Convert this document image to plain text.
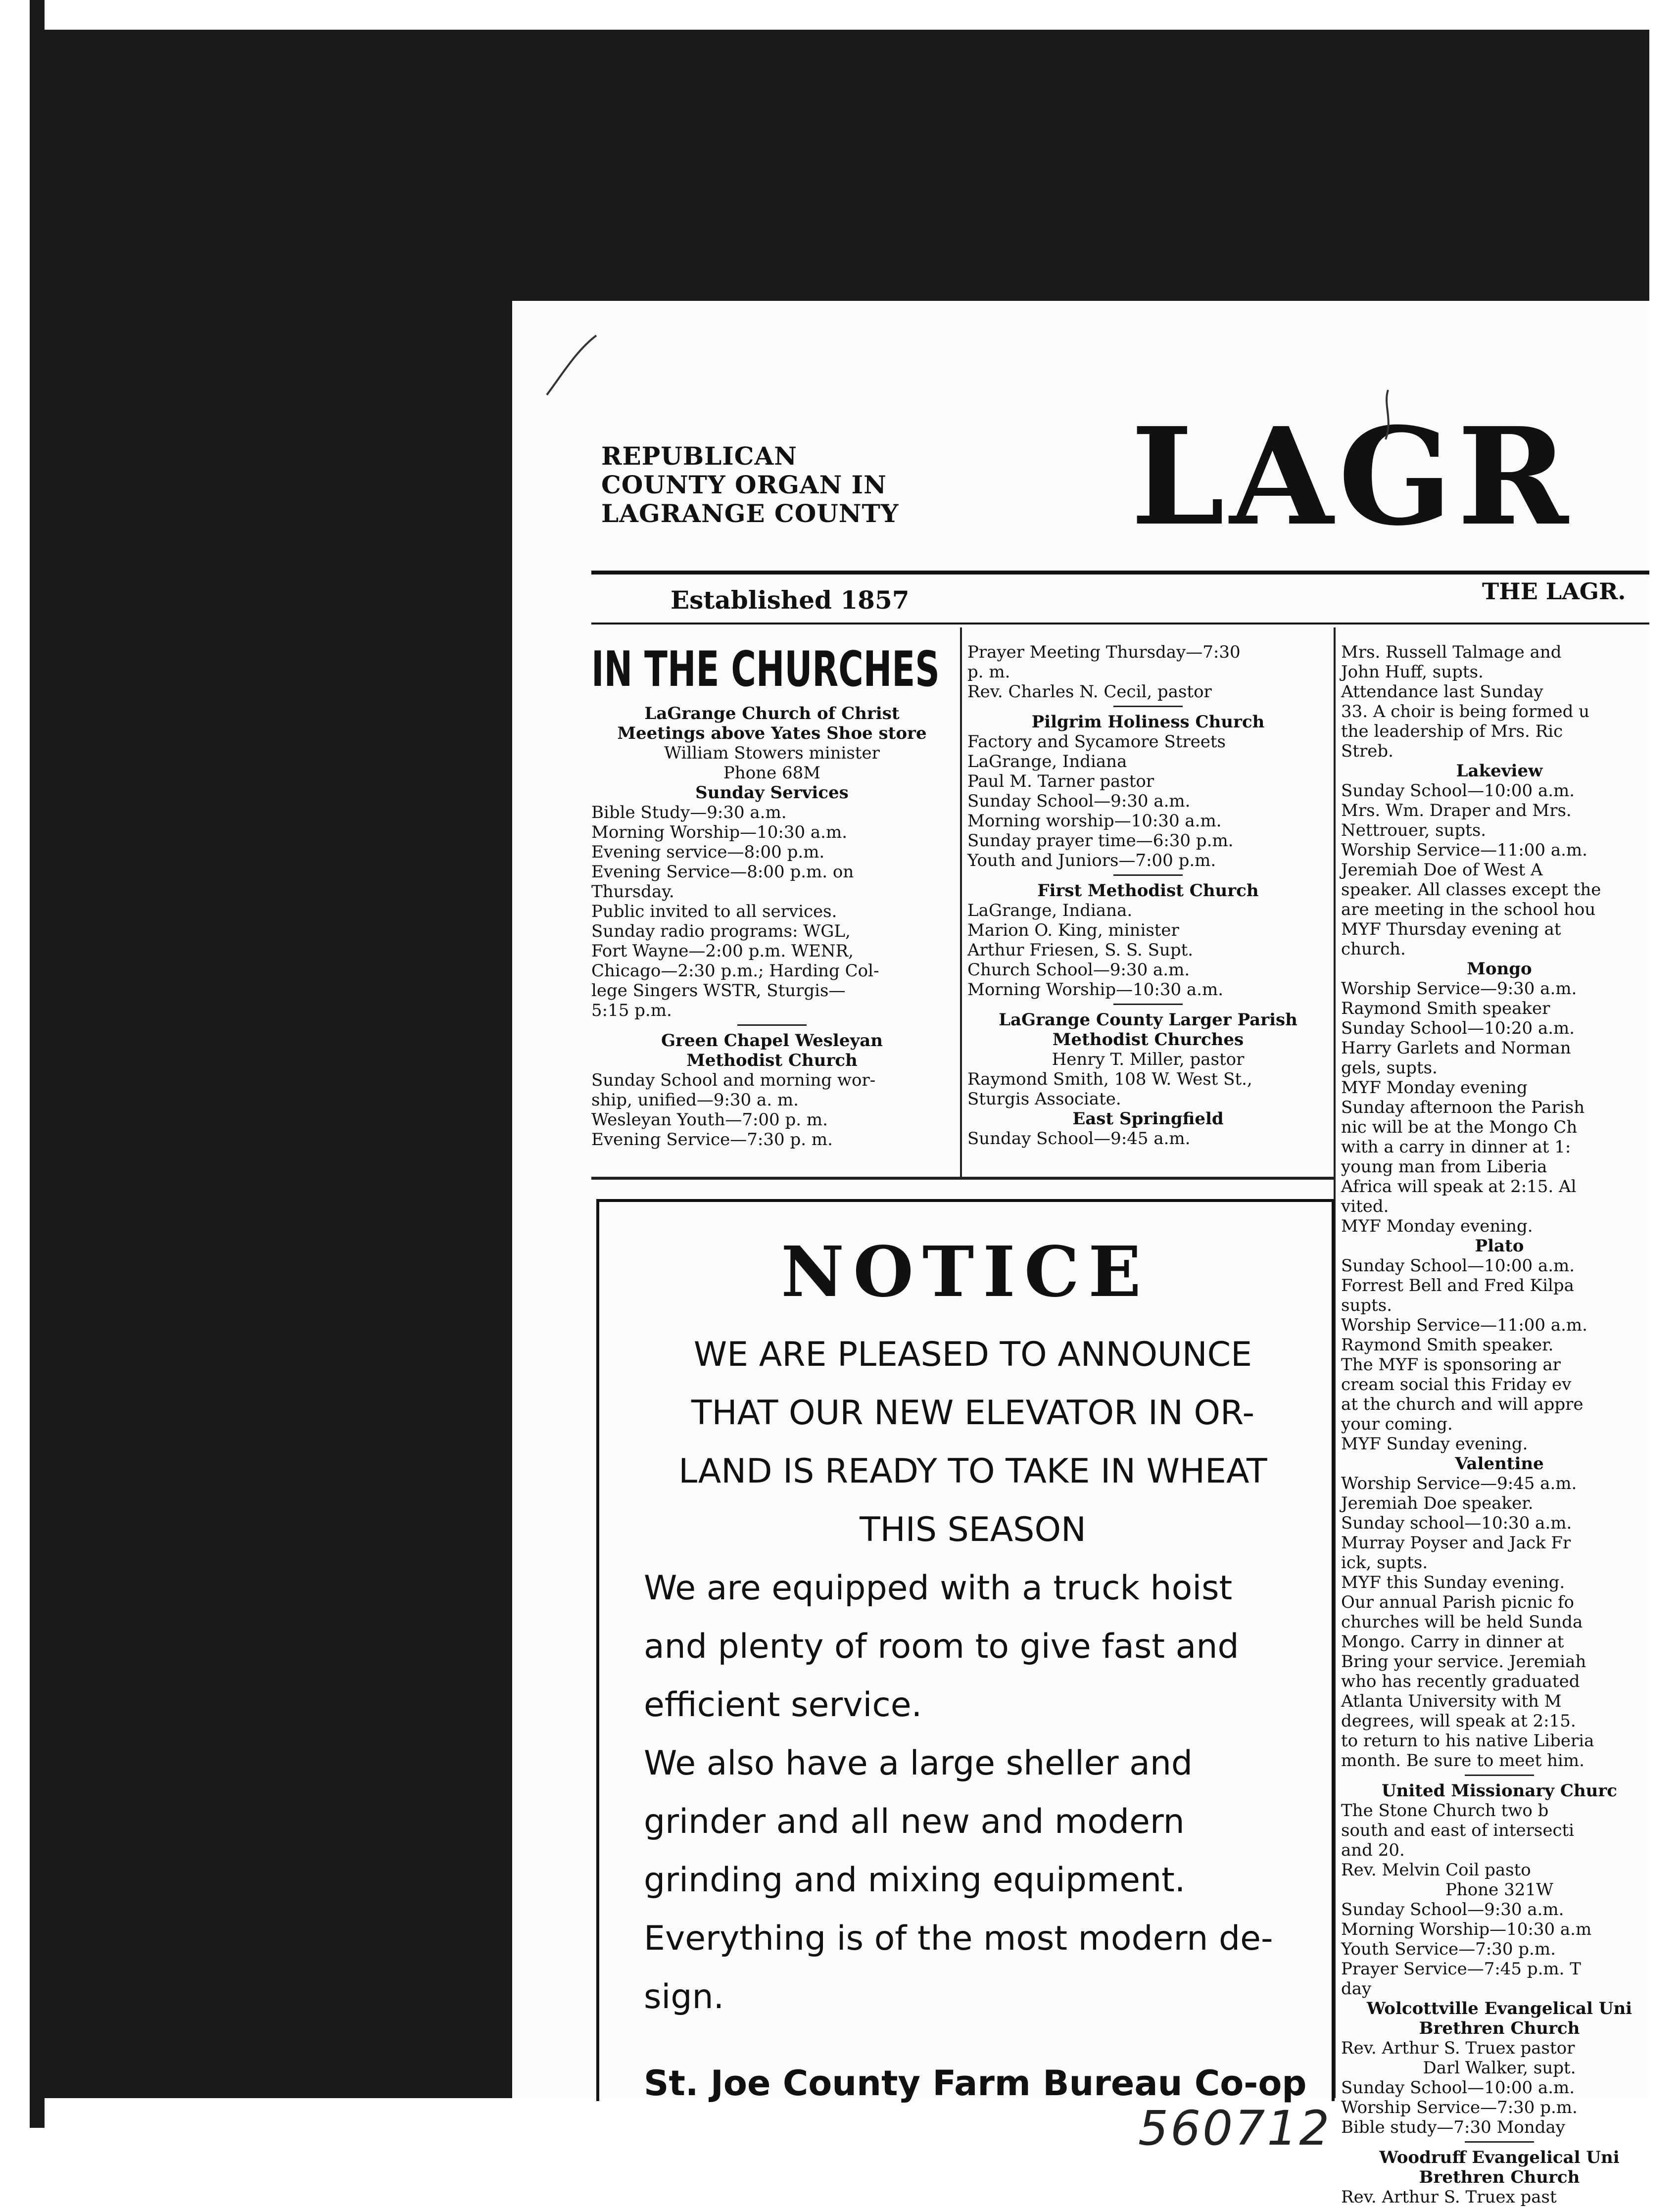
REPUBLICAN
COUNTY ORGAN IN
LAGRANGE COUNTY LAGR
Established 1857	THE LAGR.
IN THE CHURCHES
LaGrange Church of Christ
Meetings above Yates Shoe store
William Stowers minister
Phone 68M
Sunday Services
Bible Study—9:30 a.m.
Morning Worship—10:30 a.m.
Evening service—8:00 p.m.
Evening Service—8:00 p.m. on
Thursday.
Public invited to all services.
Sunday radio programs: WGL,
Fort Wayne—2:00 p.m. WENR,
Chicago—2:30 p.m.; Harding Col-
lege Singers WSTR, Sturgis—
5:15 p.m.
Green Chapel Wesleyan
Methodist Church
Sunday School and morning wor-
ship, unified—9:30 a. m.
Wesleyan Youth—7:00 p. m.
Evening Service—7:30 p. m.
Prayer Meeting Thursday—7:30
p. m.
Rev. Charles N. Cecil, pastor
Pilgrim Holiness Church
Factory and Sycamore Streets
LaGrange, Indiana
Paul M. Tarner pastor
Sunday School—9:30 a.m.
Morning worship—10:30 a.m.
Sunday prayer time—6:30 p.m.
Youth and Juniors—7:00 p.m.
First Methodist Church
LaGrange, Indiana.
Marion O. King, minister
Arthur Friesen, S. S. Supt.
Church School—9:30 a.m.
Morning Worship—10:30 a.m.
LaGrange County Larger Parish
Methodist Churches
Henry T. Miller, pastor
Raymond Smith, 108 W. West St.,
Sturgis Associate.
East Springfield
Sunday School—9:45 a.m.
Mrs. Russell Talmage and
John Huff, supts.
Attendance last Sunday
33. A choir is being formed u
the leadership of Mrs. Ric
Streb.
Lakeview
Sunday School—10:00 a.m.
Mrs. Wm. Draper and Mrs.
Nettrouer, supts.
Worship Service—11:00 a.m.
Jeremiah Doe of West A
speaker. All classes except the
are meeting in the school hou
MYF Thursday evening at
church.
Mongo
Worship Service—9:30 a.m.
Raymond Smith speaker
Sunday School—10:20 a.m.
Harry Garlets and Norman
gels, supts.
MYF Monday evening
Sunday afternoon the Parish
nic will be at the Mongo Ch
with a carry in dinner at 1:
young man from Liberia
Africa will speak at 2:15. Al
vited.
MYF Monday evening.
Plato
Sunday School—10:00 a.m.
Forrest Bell and Fred Kilpa
supts.
Worship Service—11:00 a.m.
Raymond Smith speaker.
The MYF is sponsoring ar
cream social this Friday ev
at the church and will appre
your coming.
MYF Sunday evening.
Valentine
Worship Service—9:45 a.m.
Jeremiah Doe speaker.
Sunday school—10:30 a.m.
Murray Poyser and Jack Fr
ick, supts.
MYF this Sunday evening.
Our annual Parish picnic fo
churches will be held Sunda
Mongo. Carry in dinner at
Bring your service. Jeremiah
who has recently graduated
Atlanta University with M
degrees, will speak at 2:15.
to return to his native Liberia
month. Be sure to meet him.
United Missionary Churc
The Stone Church two b
south and east of intersecti
and 20.
Rev. Melvin Coil pasto
Phone 321W
Sunday School—9:30 a.m.
Morning Worship—10:30 a.m
Youth Service—7:30 p.m.
Prayer Service—7:45 p.m. T
day
Wolcottville Evangelical Uni
Brethren Church
Rev. Arthur S. Truex pastor
Darl Walker, supt.
Sunday School—10:00 a.m.
Worship Service—7:30 p.m.
Bible study—7:30 Monday
Woodruff Evangelical Uni
Brethren Church
Rev. Arthur S. Truex past
NOTICE
WE ARE PLEASED TO ANNOUNCE
THAT OUR NEW ELEVATOR IN OR-
LAND IS READY TO TAKE IN WHEAT
THIS SEASON
We are equipped with a truck hoist
and plenty of room to give fast and
efficient service.
We also have a large sheller and
grinder and all new and modern
grinding and mixing equipment.
Everything is of the most modern de-
sign.
St. Joe County Farm Bureau Co-op
560712
